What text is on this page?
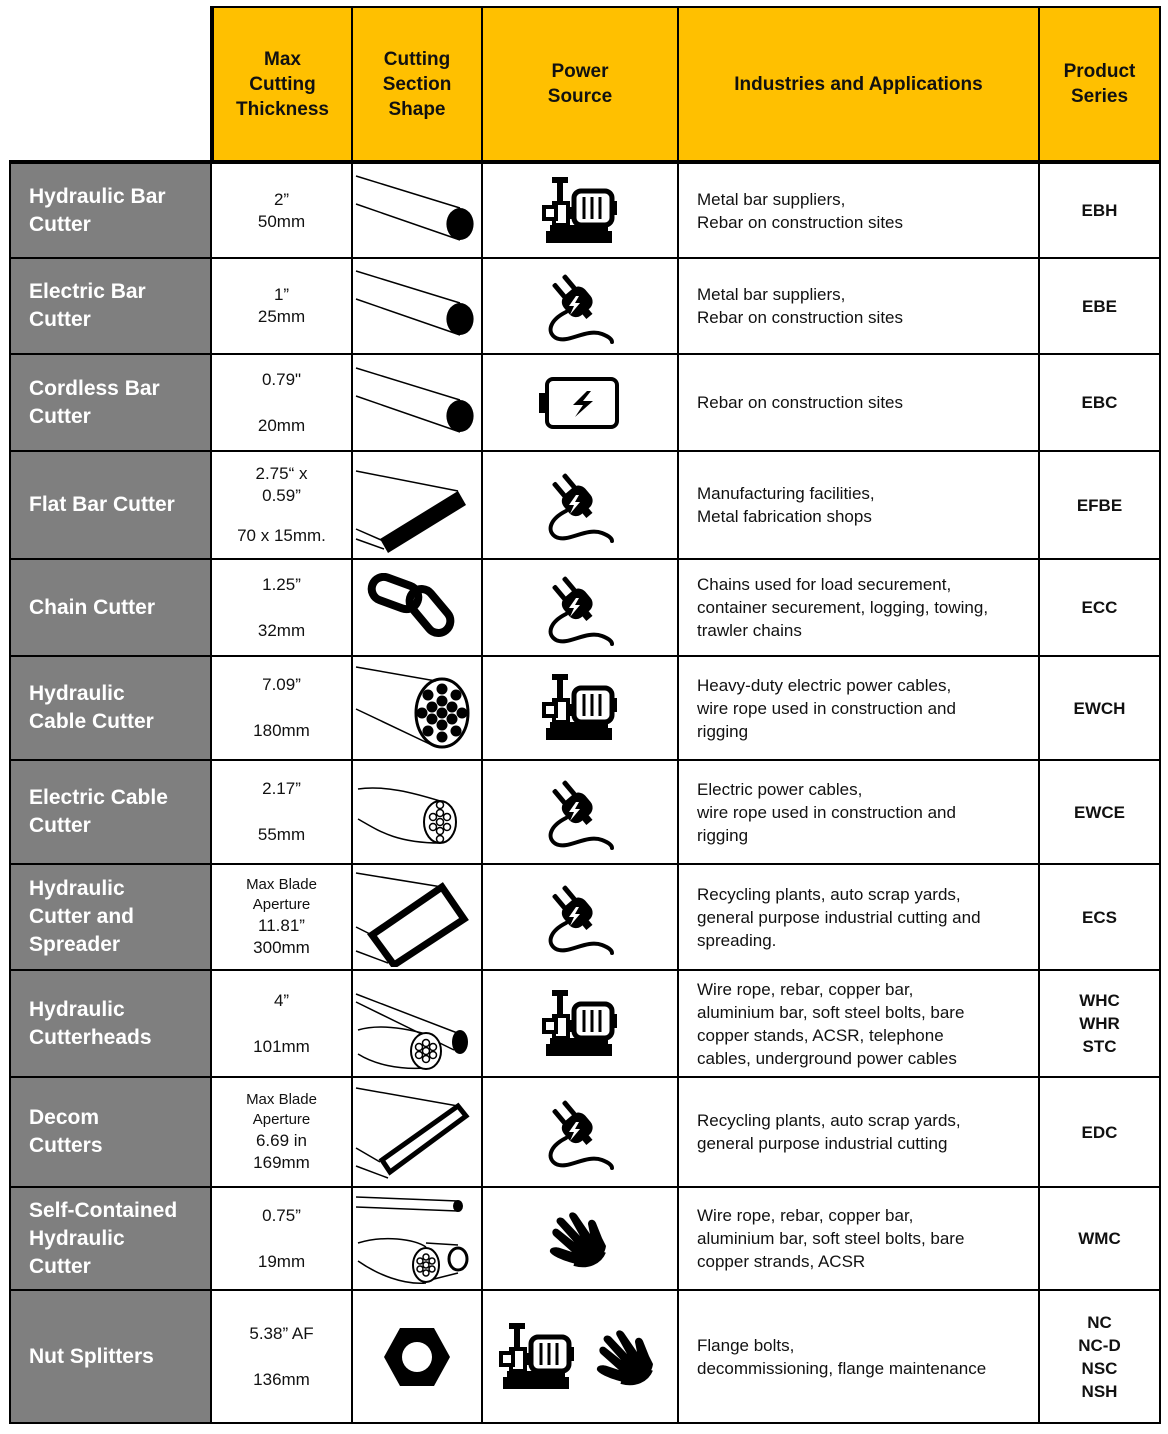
Max
Cutting
Thickness
Cutting
Section
Shape
Power
Source
Industries and Applications
Product
Series
Hydraulic Bar
Cutter
2”
50mm
Metal bar suppliers,
Rebar on construction sites
EBH
Electric Bar
Cutter
1”
25mm
Metal bar suppliers,
Rebar on construction sites
EBE
Cordless Bar
Cutter
0.79"
20mm
Rebar on construction sites	EBC
Flat Bar Cutter
2.75“ x
0.59”
70 x 15mm.
Manufacturing facilities,
Metal fabrication shops
EFBE
Chain Cutter
1.25”
32mm
Chains used for load securement,
container securement, logging, towing,
trawler chains
ECC
Hydraulic
Cable Cutter
7.09”
180mm
Heavy-duty electric power cables,
wire rope used in construction and
rigging
EWCH
Electric Cable
Cutter
2.17”
55mm
Electric power cables,
wire rope used in construction and
rigging
EWCE
Hydraulic
Cutter and
Spreader
Max Blade
Aperture
11.81”
300mm
Recycling plants, auto scrap yards,
general purpose industrial cutting and
spreading.
ECS
Hydraulic
Cutterheads
4”
101mm
Wire rope, rebar, copper bar,
aluminium bar, soft steel bolts, bare
copper stands, ACSR, telephone
cables, underground power cables
WHC
WHR
STC
Decom
Cutters
Max Blade
Aperture
6.69 in
169mm
Recycling plants, auto scrap yards,
general purpose industrial cutting
EDC
Self-Contained
Hydraulic
Cutter
0.75”
19mm
Wire rope, rebar, copper bar,
aluminium bar, soft steel bolts, bare
copper strands, ACSR
WMC
Nut Splitters
5.38” AF
136mm
Flange bolts,
decommissioning, flange maintenance
NC
NC-D
NSC
NSH
